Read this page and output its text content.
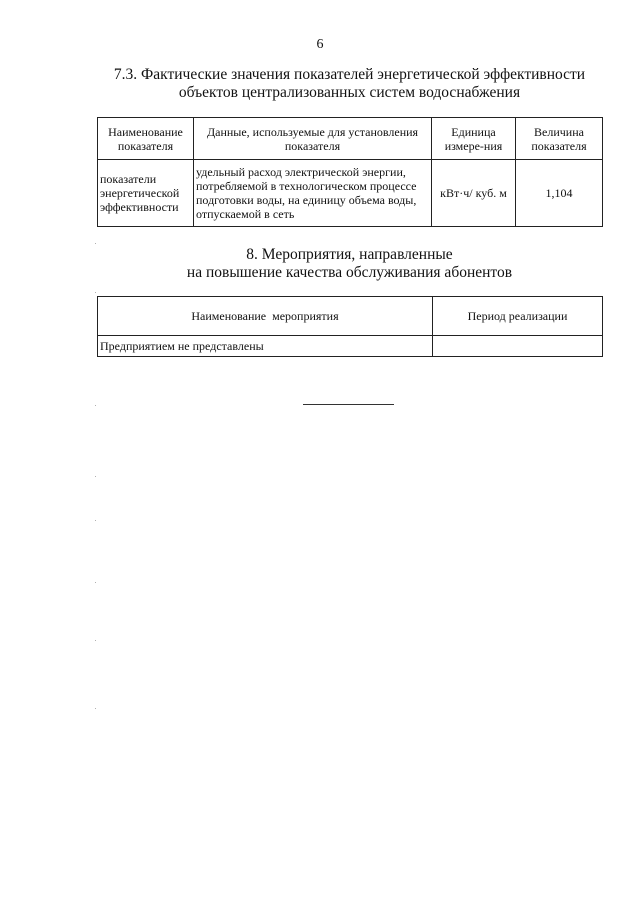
6
7.3. Фактические значения показателей энергетической эффективности
объектов централизованных систем водоснабжения
Наименование показателя	Данные, используемые для установления показателя	Единица измере-ния	Величина показателя
показатели энергетической эффективности	удельный расход электрической энергии, потребляемой в технологическом процессе подготовки воды, на единицу объема воды, отпускаемой в сеть	кВт·ч/ куб. м	1,104
8. Мероприятия, направленные
на повышение качества обслуживания абонентов
Наименование  мероприятия	Период реализации
Предприятием не представлены	
